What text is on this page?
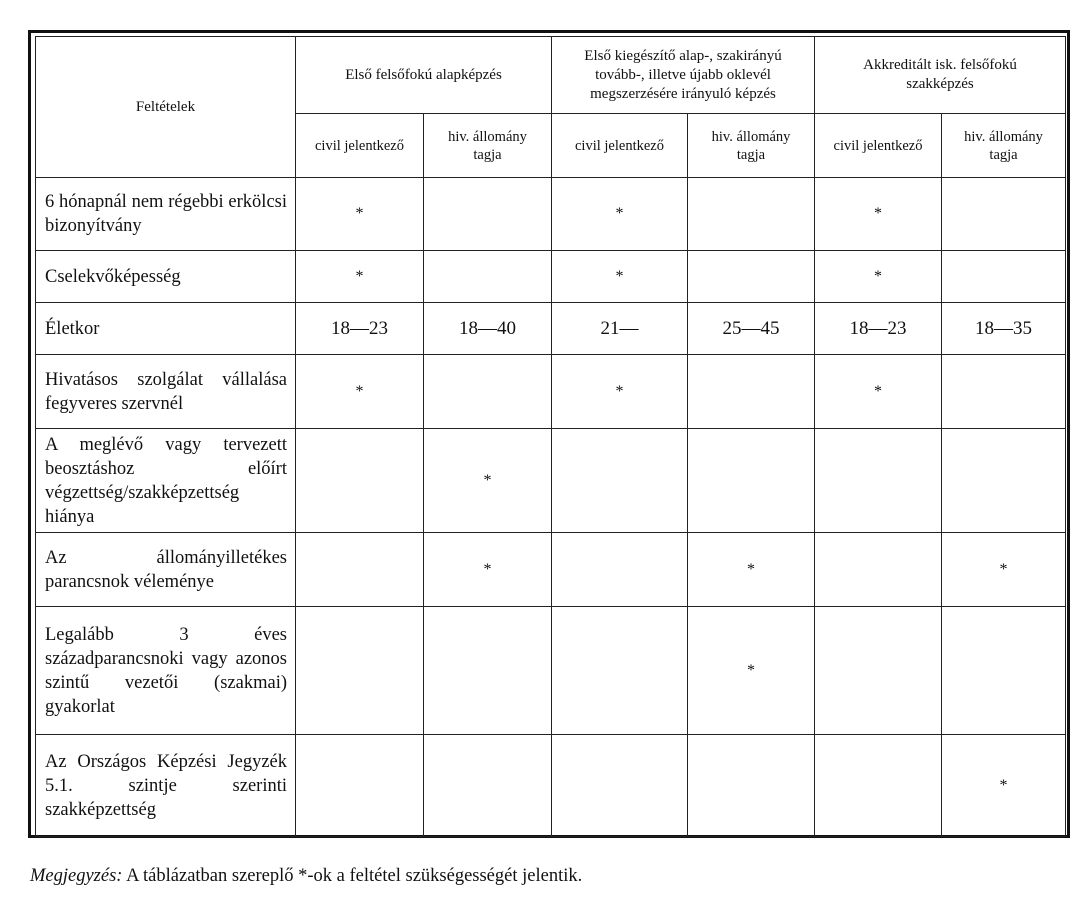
Feltételek	Első felsőfokú alapképzés		Első kiegészítő alap-, szakirányú tovább-, illetve újabb oklevél megszerzésére irányuló képzés		Akkreditált isk. felsőfokú szakképzés	
	civil jelentkező	hiv. állomány tagja	civil jelentkező	hiv. állomány tagja	civil jelentkező	hiv. állomány tagja
6 hónapnál nem régebbi erkölcsi bizonyítvány	*		*		*	
Cselekvőképesség	*		*		*	
Életkor	18—23	18—40	21—	25—45	18—23	18—35
Hivatásos szolgálat vállalása fegyveres szervnél	*		*		*	
A meglévő vagy tervezett beosztáshoz előírt végzettség/szakképzettség hiánya		*				
Az állományilletékes parancsnok véleménye		*		*		*
Legalább 3 éves századparancsnoki vagy azonos szintű vezetői (szakmai) gyakorlat				*		
Az Országos Képzési Jegyzék 5.1. szintje szerinti szakképzettség						*
Megjegyzés: A táblázatban szereplő *-ok a feltétel szükségességét jelentik.
